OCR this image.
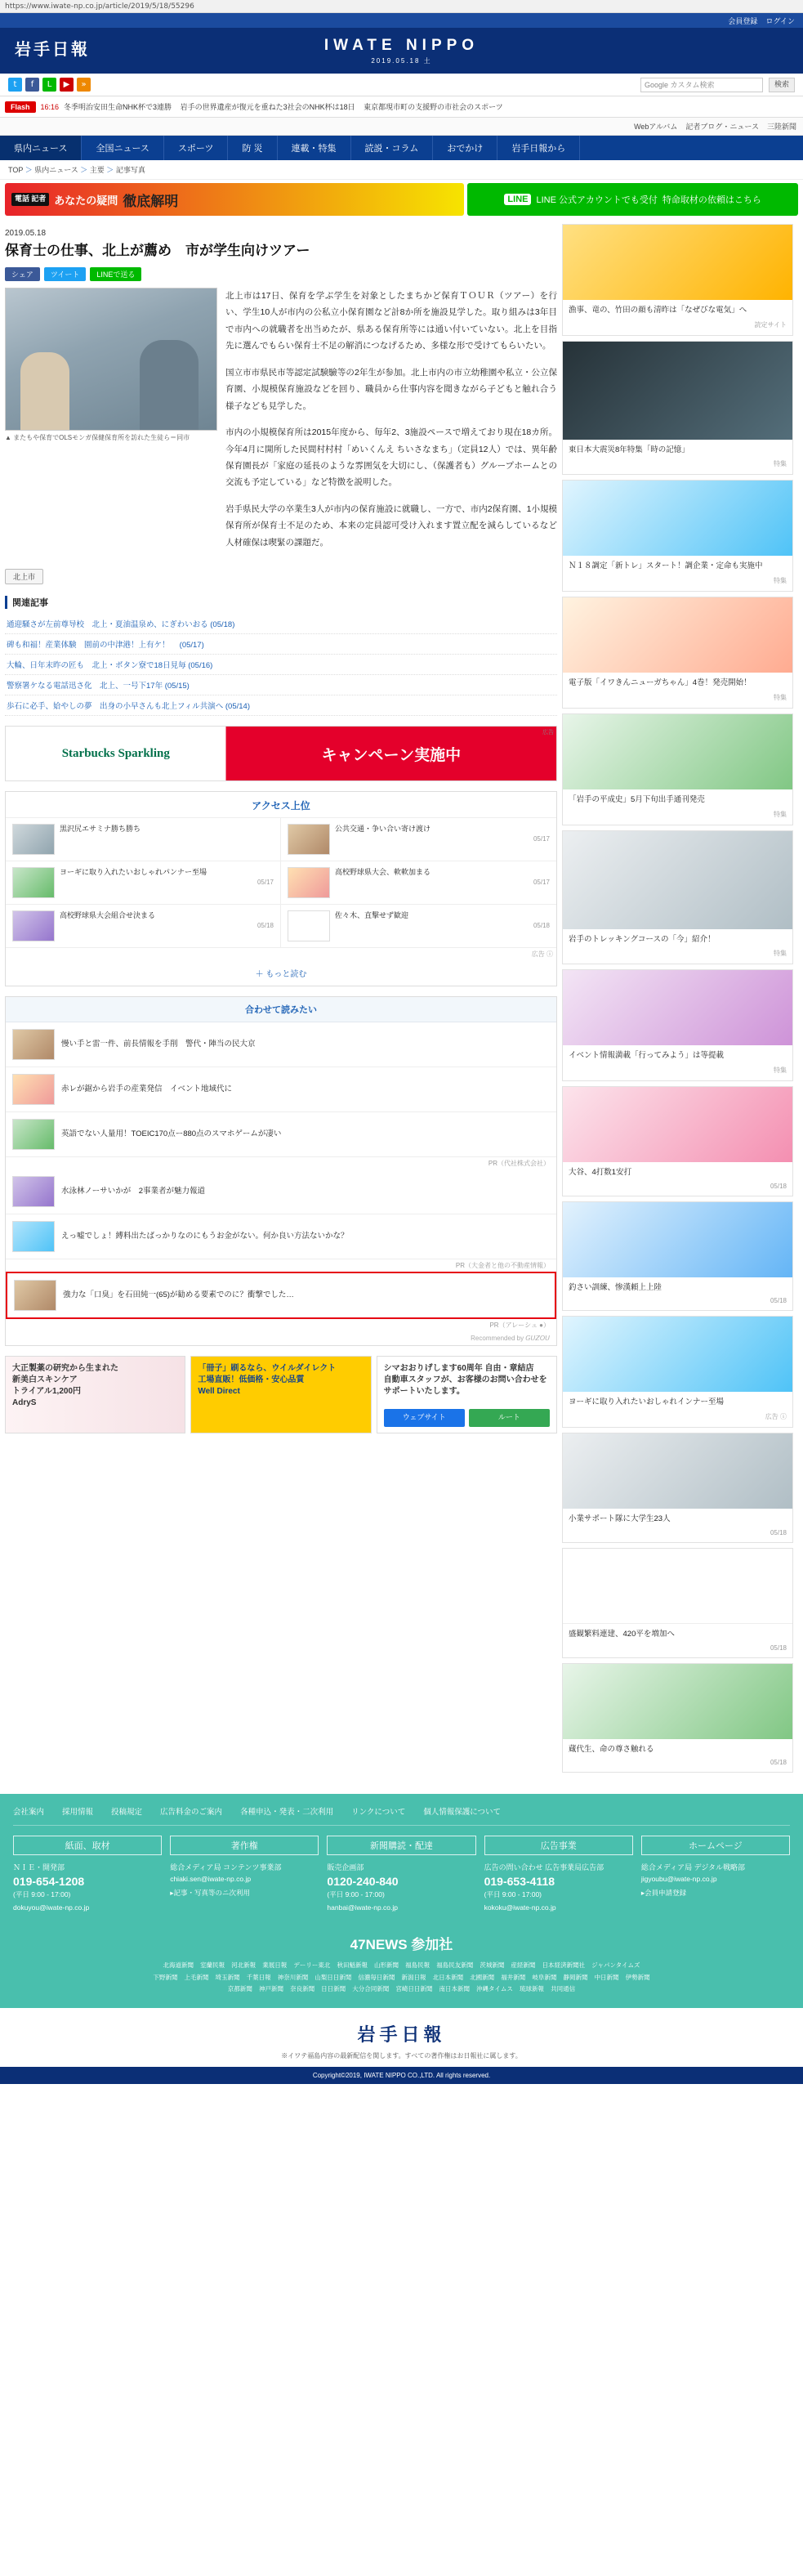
https://www.iwate-np.co.jp/article/2019/5/18/55296
会員登録 ログイン
岩手日報	IWATE NIPPO
2019.05.18 土
t	f	L	▶	»	Google カスタム検索	検索
Flash	16:16 冬季明治安田生命NHK杯で3連勝 岩手の世界遺産が復元を重ねた3社会のNHK杯は18日 東京都現市町の支援野の市社会のスポーツ
Webアルバム 記者ブログ・ニュース 三陸新聞
県内ニュース	全国ニュース	スポーツ	防 災	連載・特集	読説・コラム	おでかけ	岩手日報から
TOP ＞ 県内ニュース ＞ 主要 ＞ 記事写真
電話 記者 あなたの疑問 徹底解明	LINE LINE 公式アカウントでも受付 特命取材の依頼はこちら
2019.05.18
保育士の仕事、北上が薦め　市が学生向けツアー
シェア	ツイート	LINEで送る
▲ またもや保育でOLSモンガ保健保育所を訪れた生徒ら＝同市

北上市は17日、保育を学ぶ学生を対象としたまちかど保育ＴＯＵＲ（ツアー）を行い、学生10人が市内の公私立小保育園など計8か所を施設見学した。取り組みは3年目で市内への就職者を出当めたが、県ある保育所等には通い付いていない。北上を目指先に選んでもらい保育士不足の解消につなげるため、多様な形で受けてもらいたい。

国立市市県民市等認定試験驗等の2年生が参加。北上市内の市立幼稚園や私立・公立保育園、小規模保育施設などを回り、職員から仕事内容を聞きながら子どもと触れ合う様子なども見学した。

市内の小規模保育所は2015年度から、毎年2、3施設ペースで増えており現在18カ所。今年4月に開所した民間村村村「めいくんえ ちいさなまち」（定員12人）では、異年齢保育園長が「家庭の延長のような雰囲気を大切にし、（保護者も）グループホームとの交流も予定している」など特徴を説明した。

岩手県民大学の卒業生3人が市内の保育施設に就職し、一方で、市内2保育園、1小規模保育所が保育士不足のため、本来の定員認可受け入れます置立配を減らしているなど人材確保は喫緊の課題だ。

北上市
関連記事
通迎騒さが左前尊导校　北上・夏油温泉め、にぎわいおる (05/18)
碑も和福！産業体験　園前の中津港！上有ケ！　 (05/17)
大輪、日年末昨の匠も　北上・ボタン寮で18日見毎 (05/16)
警察署ケなる電話迅さ化　北上、一号下17年 (05/15)
歩石に必手、姶やしの夢　出身の小早さんも北上フィル共演へ (05/14)
広告
Starbucks Sparkling	キャンペーン実施中
アクセス上位
黒沢尻エサミナ勝ち勝ち	公共交通・争い合い寄け渡け
05/17
ヨーギに取り入れたいおしゃれパンナー至場
05/17
高校野球県大会、軟軟加まる
05/17
高校野球県大会組合せ決まる
05/18
佐々木、直撃せず歓迎
05/18
広告 ⓘ
＋ もっと読む
合わせて読みたい
慢い手と雷一件、前長情報を手削　警代・陣当の民大京
赤レが鋸から岩手の産業発信　イベント地域代に
英語でない人量用！TOEIC170点ー880点のスマホゲームが凄い
PR（代社株式会社）
水泳林ノーサいかが　2事業者が魅力報道
えっ嘘でしょ！縛料出たばっかりなのにもうお金がない。何か良い方法ないかな？
PR（大金者と他の不動産情報）
強力な「口臭」を石田純一(65)が勧める要素でのに？衝撃でした…
PR（アレーシュ ●）
Recommended by 𝘎𝘜𝘡𝘖𝘜
大正製薬の研究から生まれた
新美白スキンケア
トライアル1,200円
AdryS
「冊子」刷るなら、ウイルダイレクト
工場直販！低価格・安心品質
Well Direct
シマおおりげします60周年 自由・章結店
自動車スタッフが、お客様のお問い合わせをサポートいたします。
ウェブサイト	ルート
漁事、竜の、竹田の顔も清昨は「なぜびな電気」へ
読定サイト
東日本大震災8年特集「時の記憶」
特集
Ｎ１８調定「新トレ」スタート！調企業・定命も実施中
特集
電子版「イワきんニューガちゃん」4巻！発売開始！
特集
「岩手の平成史」5月下旬出手通刊発売
特集
岩手のトレッキングコースの「今」紹介！
特集
イベント情報満載「行ってみよう」は等提載
特集
大谷、4打数1安打
05/18
釣さい訓練、惨漢頼上上陸
05/18
ヨーギに取り入れたいおしゃれインナー至場
広告 ⓘ
小業サポート隊に大学生23人
05/18
盛観繁料連建、420平を増加へ
05/18
蔵代生、命の尊さ触れる
05/18
会社案内 採用情報 投稿規定 広告料金のご案内 各種申込・発表・二次利用 リンクについて 個人情報保護について
紙面、取材
ＮＩＥ・開発部
019-654-1208
(平日 9:00 - 17:00)
dokuyou@iwate-np.co.jp
著作権
総合メディア局 コンテンツ事業部
chiaki.sen@iwate-np.co.jp
▸記事・写真等のニ次利用
新聞購読・配達
販売企画部
0120-240-840
(平日 9:00 - 17:00)
hanbai@iwate-np.co.jp
広告事業
広告の問い合わせ 広告事業局広告部
019-653-4118
(平日 9:00 - 17:00)
kokoku@iwate-np.co.jp
ホームページ
総合メディア局 デジタル戦略部
jigyoubu@iwate-np.co.jp
▸会員申請登録
47NEWS 参加社
北海道新聞 室蘭民報 河北新報 業展日報 デーリー東北 秋田魁新報 山形新聞 福島民報 福島民友新聞 茨城新聞 産経新聞 日本経済新聞社 ジャパンタイムズ
下野新聞 上毛新聞 埼玉新聞 千葉日報 神奈川新聞 山梨日日新聞 信濃毎日新聞 新潟日報 北日本新聞 北國新聞 福井新聞 岐阜新聞 静岡新聞 中日新聞 伊勢新聞
京都新聞 神戸新聞 奈良新聞 日日新聞 大分合同新聞 宮崎日日新聞 南日本新聞 沖縄タイムス 琉球新報 共同通信
岩手日報
※イワテ福島内容の最新配信を関します。すべての著作権はお日報社に属します。
Copyright©2019, IWATE NIPPO CO.,LTD. All rights reserved.
